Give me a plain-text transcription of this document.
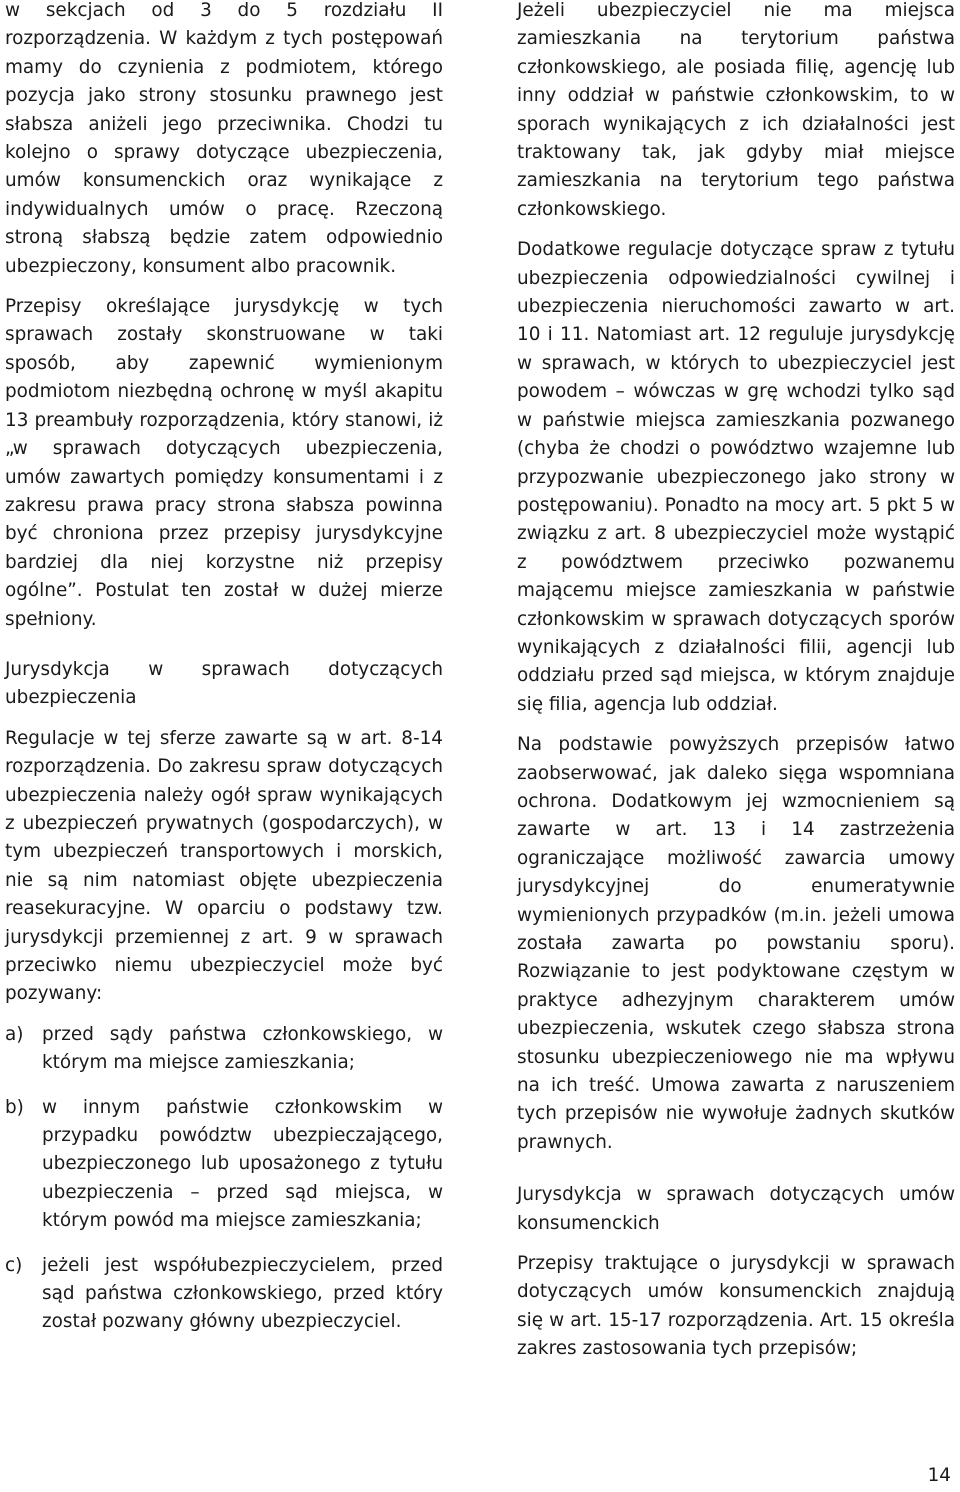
w sekcjach od 3 do 5 rozdziału II rozporządzenia. W każdym z tych postępowań mamy do czynienia z podmiotem, którego pozycja jako strony stosunku prawnego jest słabsza aniżeli jego przeciwnika. Chodzi tu kolejno o sprawy dotyczące ubezpieczenia, umów konsumenckich oraz wynikające z indywidualnych umów o pracę. Rzeczoną stroną słabszą będzie zatem odpowiednio ubezpieczony, konsument albo pracownik.

Przepisy określające jurysdykcję w tych sprawach zostały skonstruowane w taki sposób, aby zapewnić wymienionym podmiotom niezbędną ochronę w myśl akapitu 13 preambuły rozporządzenia, który stanowi, iż „w sprawach dotyczących ubezpieczenia, umów zawartych pomiędzy konsumentami i z zakresu prawa pracy strona słabsza powinna być chroniona przez przepisy jurysdykcyjne bardziej dla niej korzystne niż przepisy ogólne”. Postulat ten został w dużej mierze spełniony.

Jurysdykcja w sprawach dotyczących ubezpieczenia

Regulacje w tej sferze zawarte są w art. 8-14 rozporządzenia. Do zakresu spraw dotyczących ubezpieczenia należy ogół spraw wynikających z ubezpieczeń prywatnych (gospodarczych), w tym ubezpieczeń transportowych i morskich, nie są nim natomiast objęte ubezpieczenia reasekuracyjne. W oparciu o podstawy tzw. jurysdykcji przemiennej z art. 9 w sprawach przeciwko niemu ubezpieczyciel może być pozywany:

a) przed sądy państwa członkowskiego, w którym ma miejsce zamieszkania;
b) w innym państwie członkowskim w przypadku powództw ubezpieczającego, ubezpieczonego lub uposażonego z tytułu ubezpieczenia – przed sąd miejsca, w którym powód ma miejsce zamieszkania;
c) jeżeli jest współubezpieczycielem, przed sąd państwa członkowskiego, przed który został pozwany główny ubezpieczyciel.

Jeżeli ubezpieczyciel nie ma miejsca zamieszkania na terytorium państwa członkowskiego, ale posiada filię, agencję lub inny oddział w państwie członkowskim, to w sporach wynikających z ich działalności jest traktowany tak, jak gdyby miał miejsce zamieszkania na terytorium tego państwa członkowskiego.

Dodatkowe regulacje dotyczące spraw z tytułu ubezpieczenia odpowiedzialności cywilnej i ubezpieczenia nieruchomości zawarto w art. 10 i 11. Natomiast art. 12 reguluje jurysdykcję w sprawach, w których to ubezpieczyciel jest powodem – wówczas w grę wchodzi tylko sąd w państwie miejsca zamieszkania pozwanego (chyba że chodzi o powództwo wzajemne lub przypozwanie ubezpieczonego jako strony w postępowaniu). Ponadto na mocy art. 5 pkt 5 w związku z art. 8 ubezpieczyciel może wystąpić z powództwem przeciwko pozwanemu mającemu miejsce zamieszkania w państwie członkowskim w sprawach dotyczących sporów wynikających z działalności filii, agencji lub oddziału przed sąd miejsca, w którym znajduje się filia, agencja lub oddział.

Na podstawie powyższych przepisów łatwo zaobserwować, jak daleko sięga wspomniana ochrona. Dodatkowym jej wzmocnieniem są zawarte w art. 13 i 14 zastrzeżenia ograniczające możliwość zawarcia umowy jurysdykcyjnej do enumeratywnie wymienionych przypadków (m.in. jeżeli umowa została zawarta po powstaniu sporu). Rozwiązanie to jest podyktowane częstym w praktyce adhezyjnym charakterem umów ubezpieczenia, wskutek czego słabsza strona stosunku ubezpieczeniowego nie ma wpływu na ich treść. Umowa zawarta z naruszeniem tych przepisów nie wywołuje żadnych skutków prawnych.

Jurysdykcja w sprawach dotyczących umów konsumenckich

Przepisy traktujące o jurysdykcji w sprawach dotyczących umów konsumenckich znajdują się w art. 15-17 rozporządzenia. Art. 15 określa zakres zastosowania tych przepisów;

14
